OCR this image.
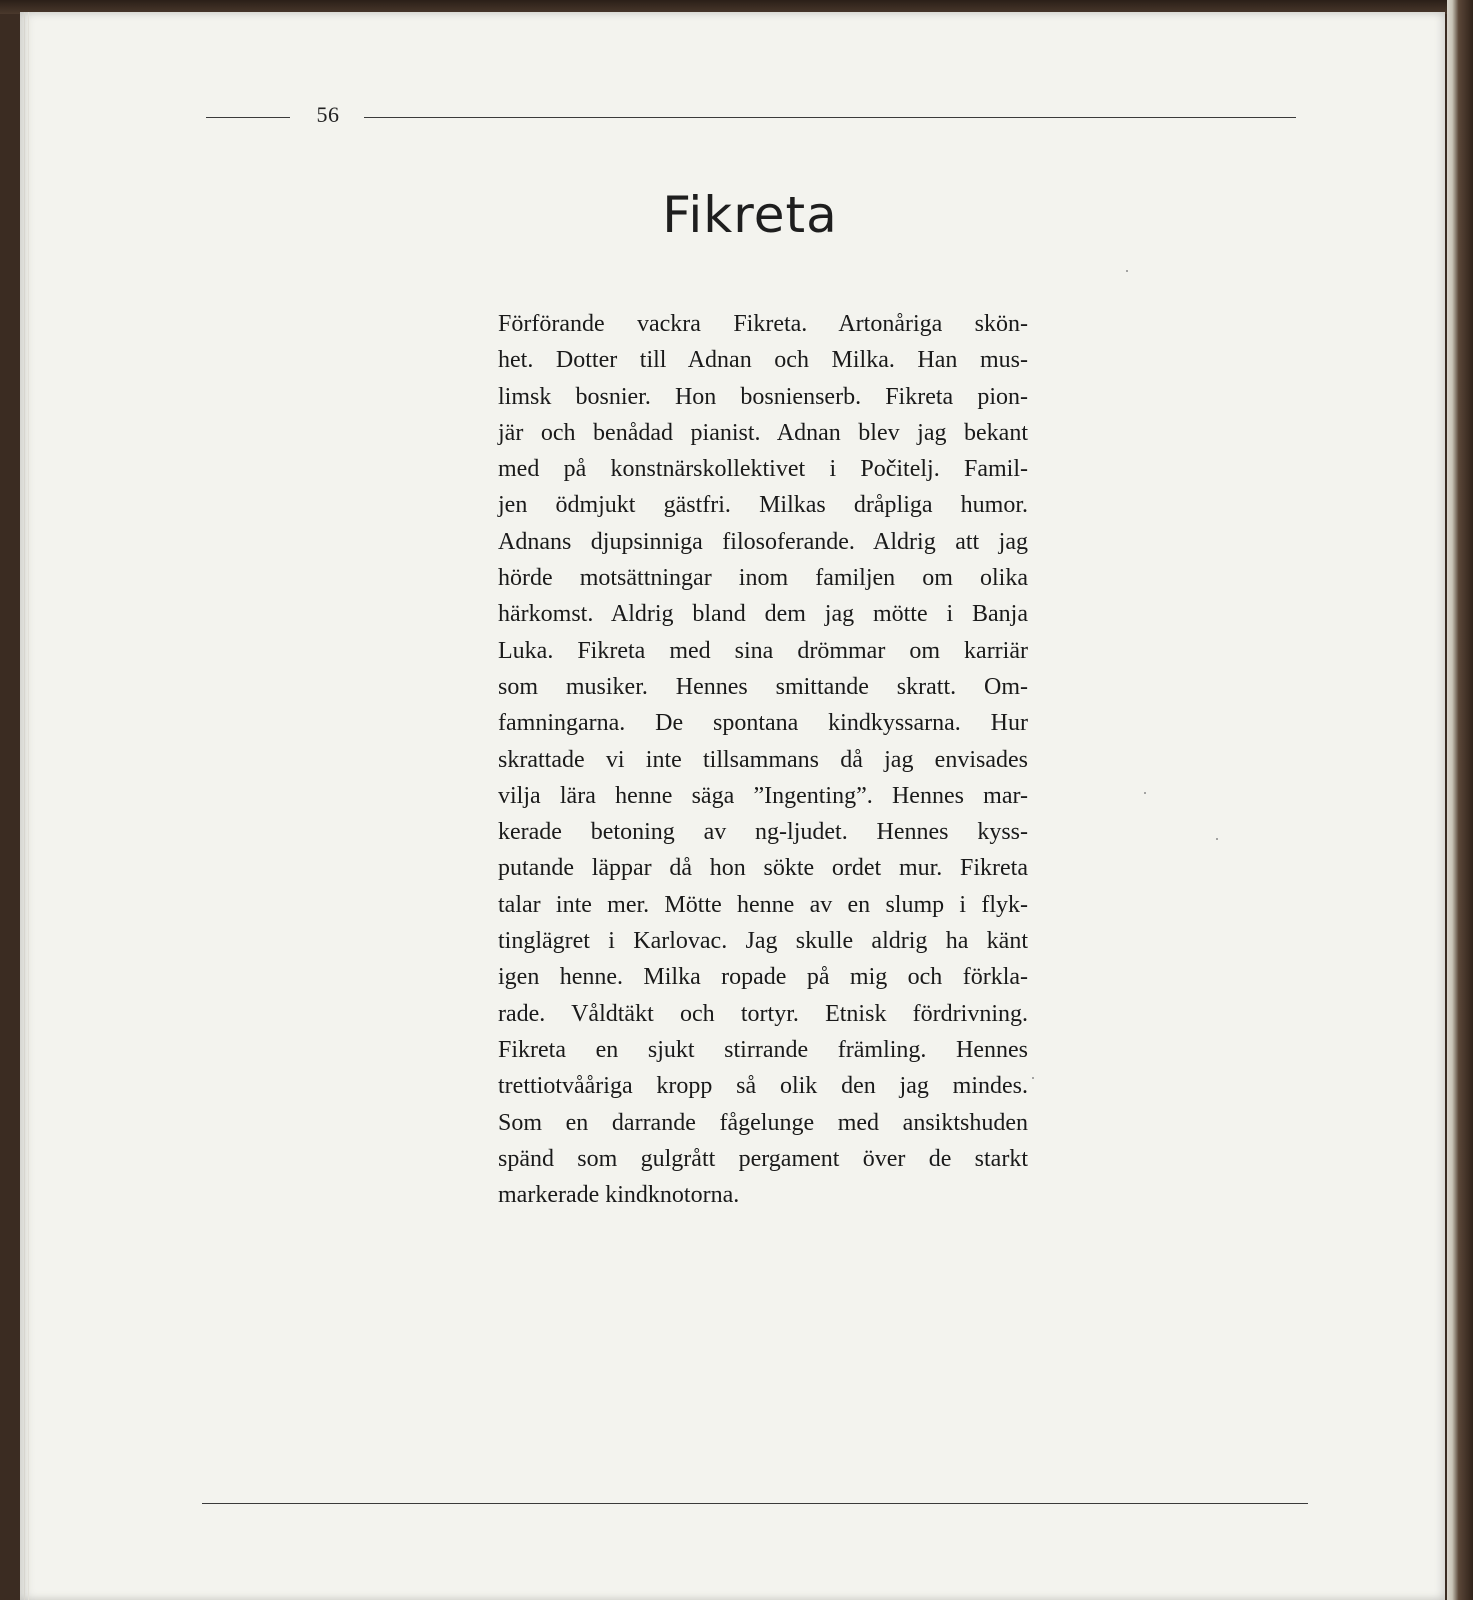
56
Fikreta
Förförande vackra Fikreta. Artonåriga skön-
het. Dotter till Adnan och Milka. Han mus-
limsk bosnier. Hon bosnienserb. Fikreta pion-
jär och benådad pianist. Adnan blev jag bekant
med på konstnärskollektivet i Počitelj. Famil-
jen ödmjukt gästfri. Milkas dråpliga humor.
Adnans djupsinniga filosoferande. Aldrig att jag
hörde motsättningar inom familjen om olika
härkomst. Aldrig bland dem jag mötte i Banja
Luka. Fikreta med sina drömmar om karriär
som musiker. Hennes smittande skratt. Om-
famningarna. De spontana kindkyssarna. Hur
skrattade vi inte tillsammans då jag envisades
vilja lära henne säga ”Ingenting”. Hennes mar-
kerade betoning av ng-ljudet. Hennes kyss-
putande läppar då hon sökte ordet mur. Fikreta
talar inte mer. Mötte henne av en slump i flyk-
tinglägret i Karlovac. Jag skulle aldrig ha känt
igen henne. Milka ropade på mig och förkla-
rade. Våldtäkt och tortyr. Etnisk fördrivning.
Fikreta en sjukt stirrande främling. Hennes
trettiotvååriga kropp så olik den jag mindes.
Som en darrande fågelunge med ansiktshuden
spänd som gulgrått pergament över de starkt
markerade kindknotorna.
